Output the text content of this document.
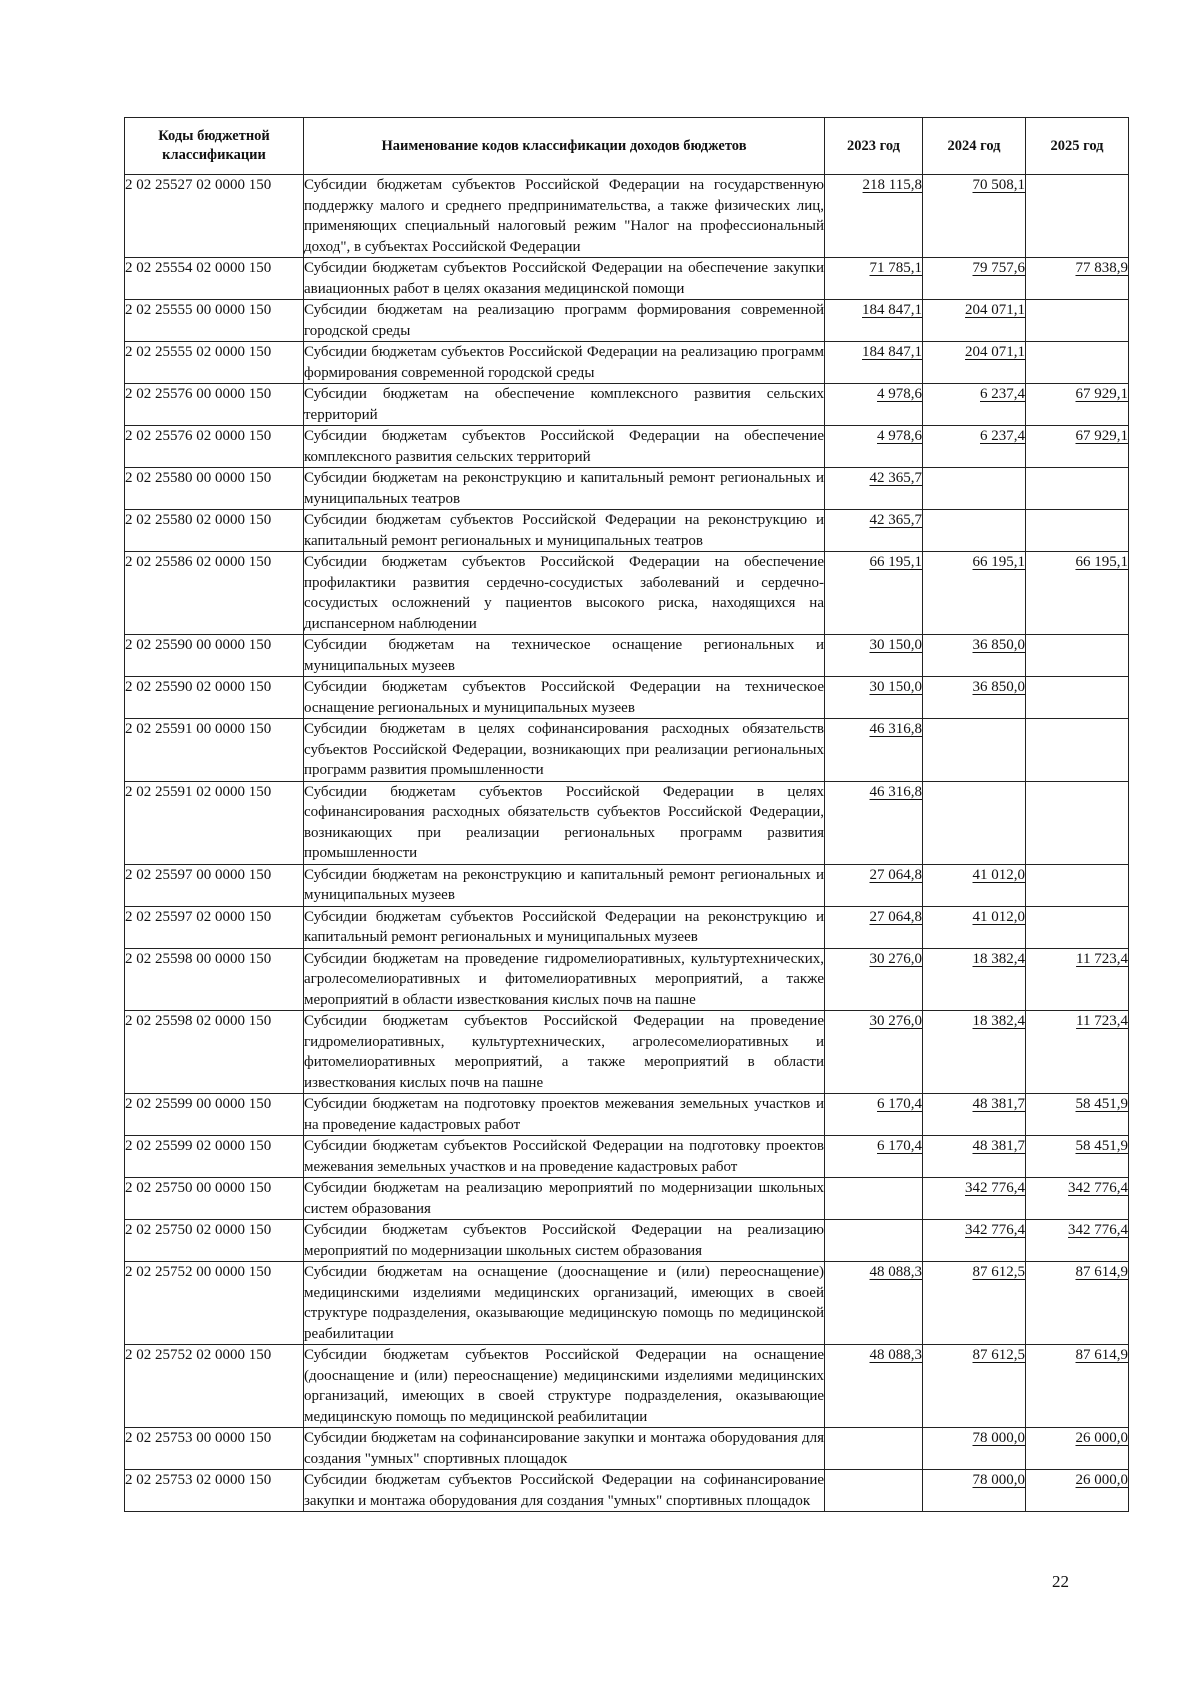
Коды бюджетной классификации	Наименование кодов классификации доходов бюджетов	2023 год	2024 год	2025 год
2 02 25527 02 0000 150	Субсидии бюджетам субъектов Российской Федерации на государственную поддержку малого и среднего предпринимательства, а также физических лиц, применяющих специальный налоговый режим "Налог на профессиональный доход", в субъектах Российской Федерации	218 115,8	70 508,1	
2 02 25554 02 0000 150	Субсидии бюджетам субъектов Российской Федерации на обеспечение закупки авиационных работ в целях оказания медицинской помощи	71 785,1	79 757,6	77 838,9
2 02 25555 00 0000 150	Субсидии бюджетам на реализацию программ формирования современной городской среды	184 847,1	204 071,1	
2 02 25555 02 0000 150	Субсидии бюджетам субъектов Российской Федерации на реализацию программ формирования современной городской среды	184 847,1	204 071,1	
2 02 25576 00 0000 150	Субсидии бюджетам на обеспечение комплексного развития сельских территорий	4 978,6	6 237,4	67 929,1
2 02 25576 02 0000 150	Субсидии бюджетам субъектов Российской Федерации на обеспечение комплексного развития сельских территорий	4 978,6	6 237,4	67 929,1
2 02 25580 00 0000 150	Субсидии бюджетам на реконструкцию и капитальный ремонт региональных и муниципальных театров	42 365,7		
2 02 25580 02 0000 150	Субсидии бюджетам субъектов Российской Федерации на реконструкцию и капитальный ремонт региональных и муниципальных театров	42 365,7		
2 02 25586 02 0000 150	Субсидии бюджетам субъектов Российской Федерации на обеспечение профилактики развития сердечно-сосудистых заболеваний и сердечно-сосудистых осложнений у пациентов высокого риска, находящихся на диспансерном наблюдении	66 195,1	66 195,1	66 195,1
2 02 25590 00 0000 150	Субсидии бюджетам на техническое оснащение региональных и муниципальных музеев	30 150,0	36 850,0	
2 02 25590 02 0000 150	Субсидии бюджетам субъектов Российской Федерации на техническое оснащение региональных и муниципальных музеев	30 150,0	36 850,0	
2 02 25591 00 0000 150	Субсидии бюджетам в целях софинансирования расходных обязательств субъектов Российской Федерации, возникающих при реализации региональных программ развития промышленности	46 316,8		
2 02 25591 02 0000 150	Субсидии бюджетам субъектов Российской Федерации в целях софинансирования расходных обязательств субъектов Российской Федерации, возникающих при реализации региональных программ развития промышленности	46 316,8		
2 02 25597 00 0000 150	Субсидии бюджетам на реконструкцию и капитальный ремонт региональных и муниципальных музеев	27 064,8	41 012,0	
2 02 25597 02 0000 150	Субсидии бюджетам субъектов Российской Федерации на реконструкцию и капитальный ремонт региональных и муниципальных музеев	27 064,8	41 012,0	
2 02 25598 00 0000 150	Субсидии бюджетам на проведение гидромелиоративных, культуртехнических, агролесомелиоративных и фитомелиоративных мероприятий, а также мероприятий в области известкования кислых почв на пашне	30 276,0	18 382,4	11 723,4
2 02 25598 02 0000 150	Субсидии бюджетам субъектов Российской Федерации на проведение гидромелиоративных, культуртехнических, агролесомелиоративных и фитомелиоративных мероприятий, а также мероприятий в области известкования кислых почв на пашне	30 276,0	18 382,4	11 723,4
2 02 25599 00 0000 150	Субсидии бюджетам на подготовку проектов межевания земельных участков и на проведение кадастровых работ	6 170,4	48 381,7	58 451,9
2 02 25599 02 0000 150	Субсидии бюджетам субъектов Российской Федерации на подготовку проектов межевания земельных участков и на проведение кадастровых работ	6 170,4	48 381,7	58 451,9
2 02 25750 00 0000 150	Субсидии бюджетам на реализацию мероприятий по модернизации школьных систем образования		342 776,4	342 776,4
2 02 25750 02 0000 150	Субсидии бюджетам субъектов Российской Федерации на реализацию мероприятий по модернизации школьных систем образования		342 776,4	342 776,4
2 02 25752 00 0000 150	Субсидии бюджетам на оснащение (дооснащение и (или) переоснащение) медицинскими изделиями медицинских организаций, имеющих в своей структуре подразделения, оказывающие медицинскую помощь по медицинской реабилитации	48 088,3	87 612,5	87 614,9
2 02 25752 02 0000 150	Субсидии бюджетам субъектов Российской Федерации на оснащение (дооснащение и (или) переоснащение) медицинскими изделиями медицинских организаций, имеющих в своей структуре подразделения, оказывающие медицинскую помощь по медицинской реабилитации	48 088,3	87 612,5	87 614,9
2 02 25753 00 0000 150	Субсидии бюджетам на софинансирование закупки и монтажа оборудования для создания "умных" спортивных площадок		78 000,0	26 000,0
2 02 25753 02 0000 150	Субсидии бюджетам субъектов Российской Федерации на софинансирование закупки и монтажа оборудования для создания "умных" спортивных площадок		78 000,0	26 000,0
22
